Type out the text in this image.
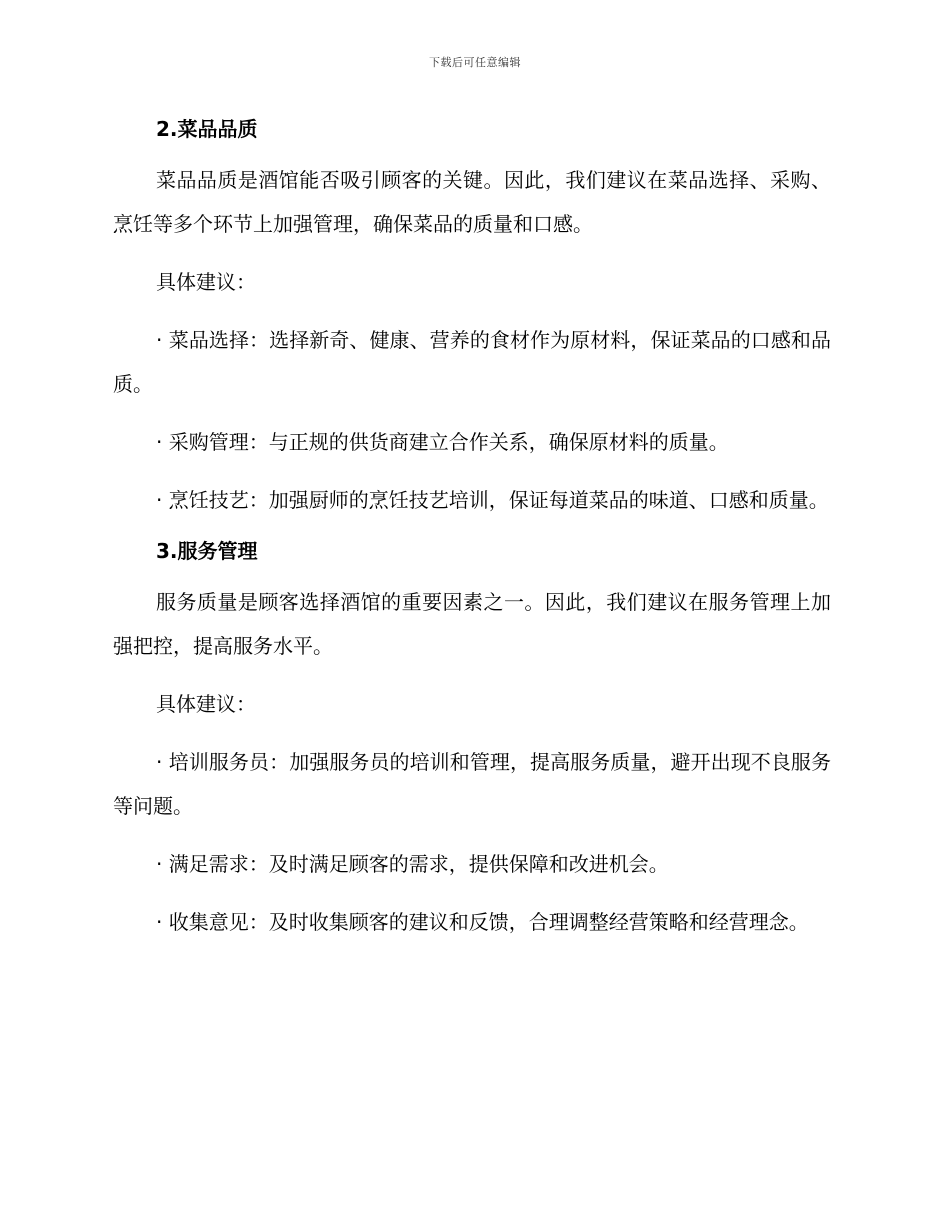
下载后可任意编辑
2.菜品品质

菜品品质是酒馆能否吸引顾客的关键。因此，我们建议在菜品选择、采购、烹饪等多个环节上加强管理，确保菜品的质量和口感。

具体建议：

· 菜品选择：选择新奇、健康、营养的食材作为原材料，保证菜品的口感和品质。

· 采购管理：与正规的供货商建立合作关系，确保原材料的质量。

· 烹饪技艺：加强厨师的烹饪技艺培训，保证每道菜品的味道、口感和质量。

3.服务管理

服务质量是顾客选择酒馆的重要因素之一。因此，我们建议在服务管理上加强把控，提高服务水平。

具体建议：

· 培训服务员：加强服务员的培训和管理，提高服务质量，避开出现不良服务等问题。

· 满足需求：及时满足顾客的需求，提供保障和改进机会。

· 收集意见：及时收集顾客的建议和反馈，合理调整经营策略和经营理念。
